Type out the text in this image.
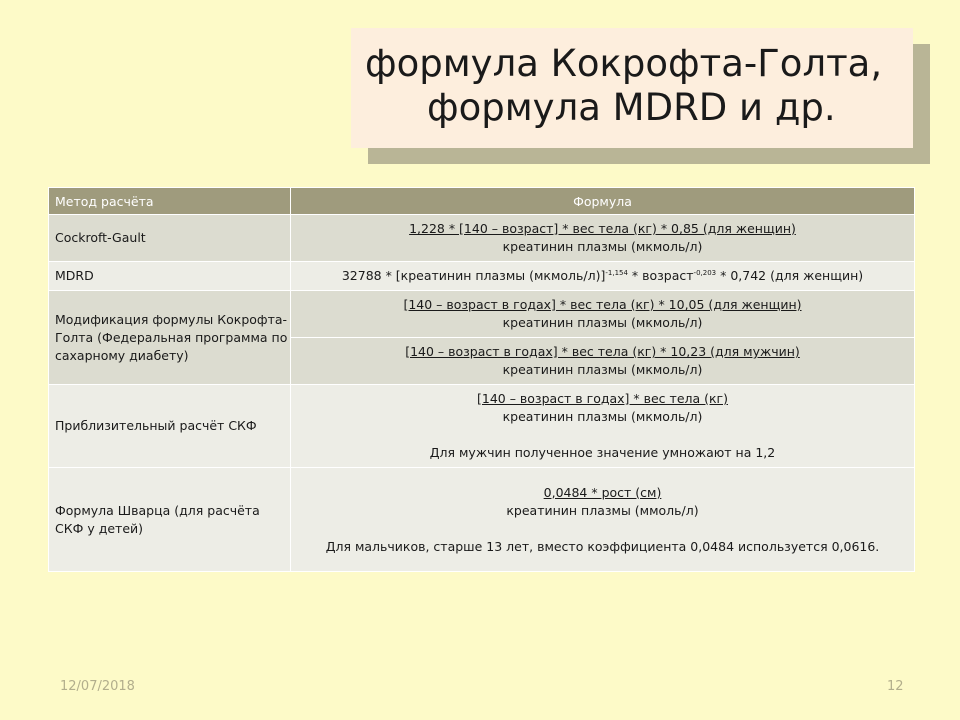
формула Кокрофта-Голта,
формула MDRD и др.
Метод расчёта	Формула
Cockroft-Gault	1,228 * [140 – возраст] * вес тела (кг) * 0,85 (для женщин)
креатинин плазмы (мкмоль/л)

MDRD	32788 * [креатинин плазмы (мкмоль/л)]$^{-1,154}$ * возраст$^{-0,203}$ * 0,742 (для женщин)
Модификация формулы Кокрофта-Голта (Федеральная программа по сахарному диабету)	[140 – возраст в годах] * вес тела (кг) * 10,05 (для женщин)
креатинин плазмы (мкмоль/л)

	[140 – возраст в годах] * вес тела (кг) * 10,23 (для мужчин)
креатинин плазмы (мкмоль/л)

Приблизительный расчёт СКФ	[140 – возраст в годах] * вес тела (кг)
креатинин плазмы (мкмоль/л)
Для мужчин полученное значение умножают на 1,2

Формула Шварца (для расчёта СКФ у детей)	0,0484 * рост (см)
креатинин плазмы (ммоль/л)
Для мальчиков, старше 13 лет, вместо коэффициента 0,0484 используется 0,0616.
12/07/2018	12
